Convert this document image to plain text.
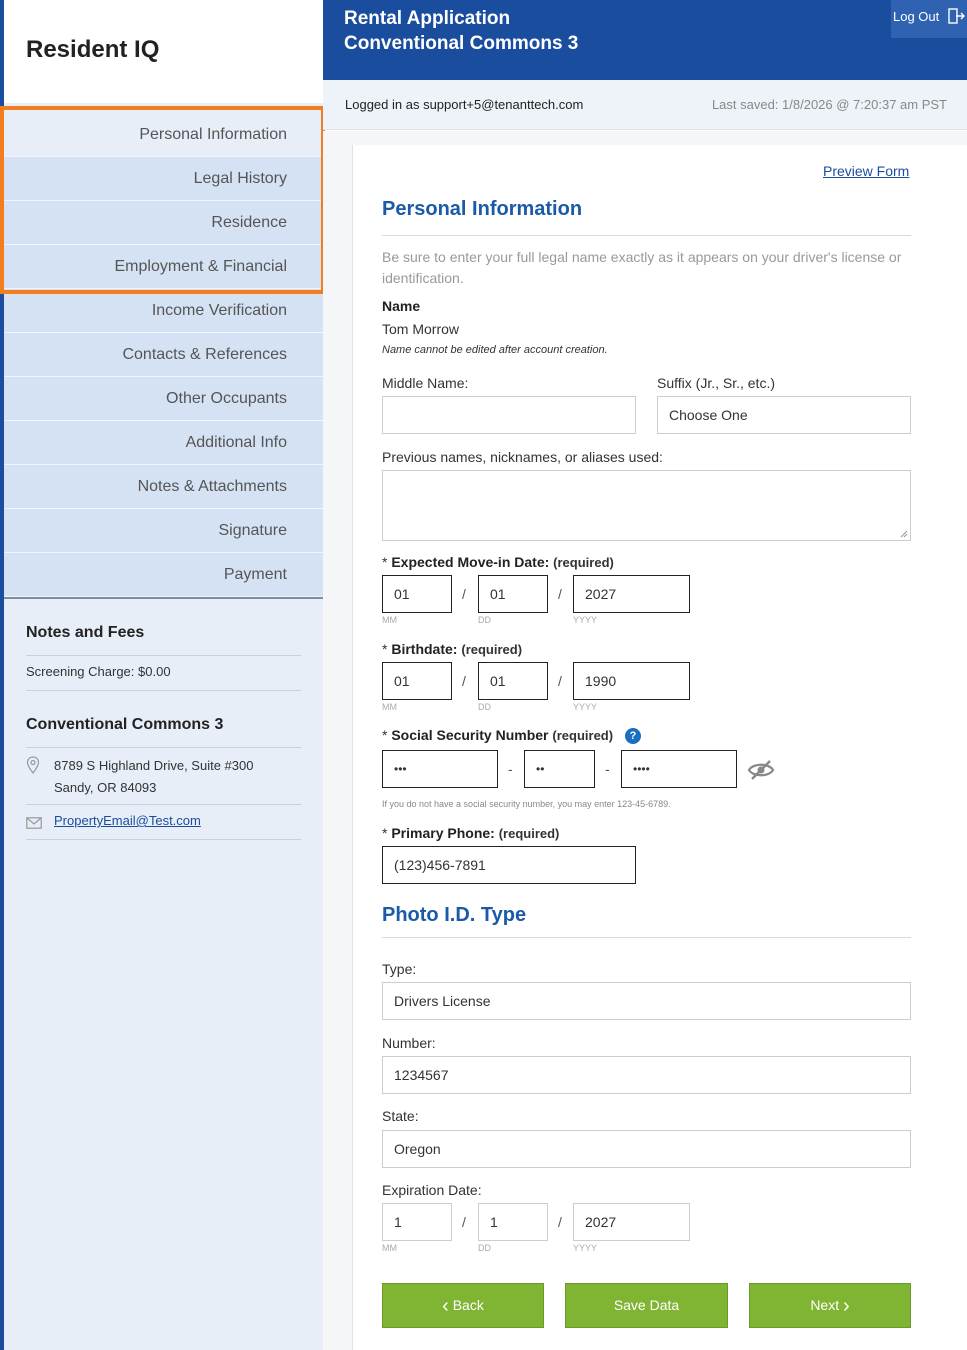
Resident IQ
Personal Information
Legal History
Residence
Employment & Financial
Income Verification
Contacts & References
Other Occupants
Additional Info
Notes & Attachments
Signature
Payment
Notes and Fees
Screening Charge: $0.00
Conventional Commons 3
8789 S Highland Drive, Suite #300
Sandy, OR 84093
PropertyEmail@Test.com
Rental Application
Conventional Commons 3
Log Out
Logged in as support+5@tenanttech.com	Last saved: 1/8/2026 @ 7:20:37 am PST
Preview Form
Personal Information
Be sure to enter your full legal name exactly as it appears on your driver's license or identification.
Name
Tom Morrow
Name cannot be edited after account creation.
Middle Name:	Suffix (Jr., Sr., etc.)
Choose One
Previous names, nicknames, or aliases used:
* Expected Move-in Date: (required)
01	/	01	/	2027
MM	DD	YYYY
* Birthdate: (required)
01	/	01	/	1990
MM	DD	YYYY
* Social Security Number (required)	?
•••	-	••	-	••••
If you do not have a social security number, you may enter 123-45-6789.
* Primary Phone: (required)
(123)456-7891
Photo I.D. Type
Type:
Drivers License
Number:
1234567
State:
Oregon
Expiration Date:
1	/	1	/	2027
MM	DD	YYYY
‹ Back	Save Data	Next ›
